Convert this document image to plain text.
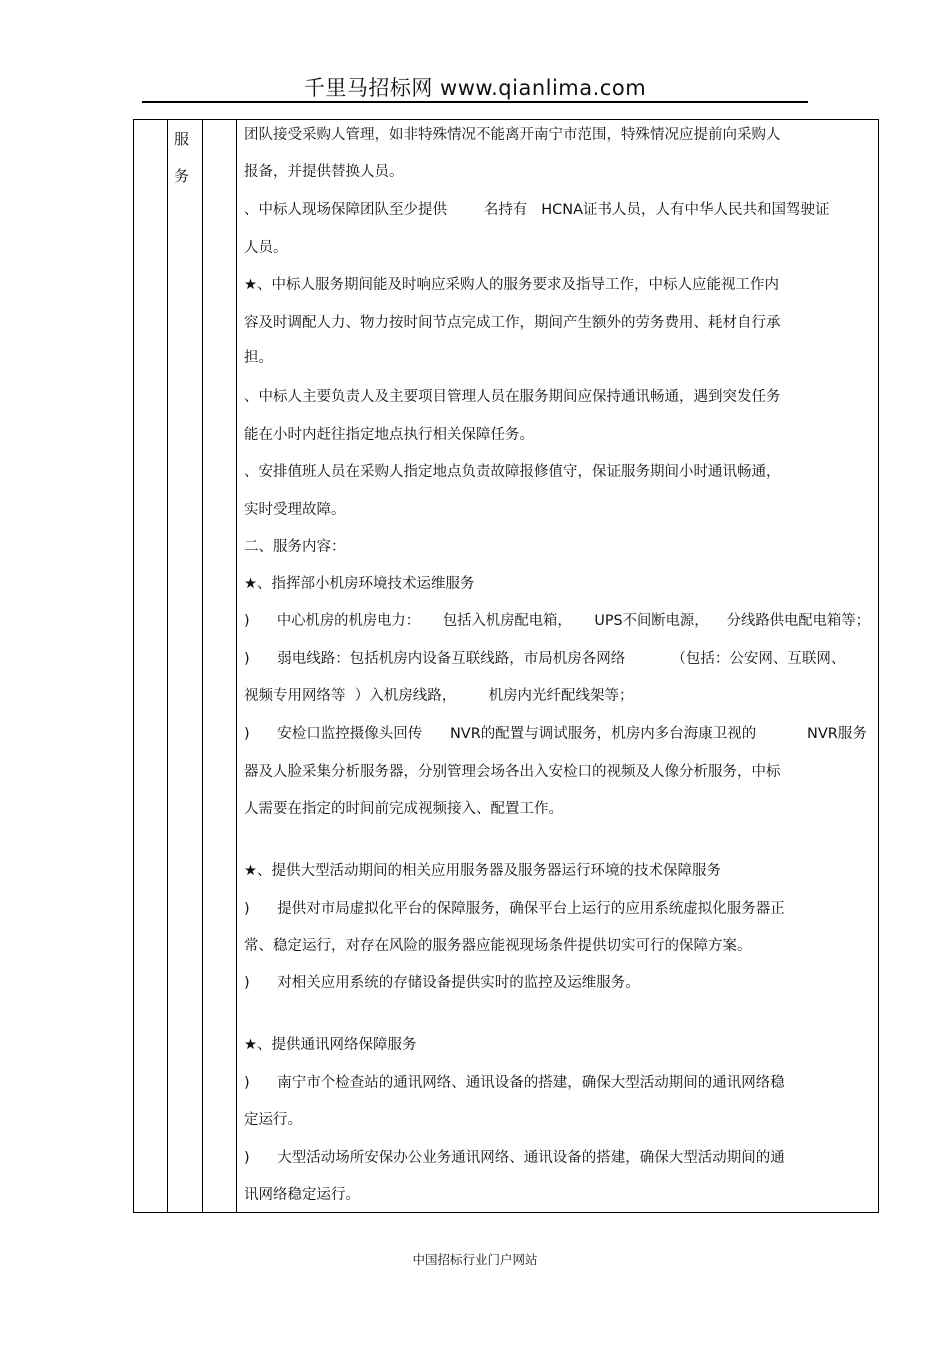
千里马招标网 www.qianlima.com
服
务
团队接受采购人管理，如非特殊情况不能离开南宁市范围，特殊情况应提前向采购人
报备，并提供替换人员。
、中标人现场保障团队至少提供        名持有   HCNA证书人员，人有中华人民共和国驾驶证
人员。
★、中标人服务期间能及时响应采购人的服务要求及指导工作，中标人应能视工作内
容及时调配人力、物力按时间节点完成工作，期间产生额外的劳务费用、耗材自行承
担。
、中标人主要负责人及主要项目管理人员在服务期间应保持通讯畅通，遇到突发任务
能在小时内赶往指定地点执行相关保障任务。
、安排值班人员在采购人指定地点负责故障报修值守，保证服务期间小时通讯畅通，
实时受理故障。
二、服务内容：
★、指挥部小机房环境技术运维服务
)      中心机房的机房电力：     包括入机房配电箱，     UPS不间断电源，    分线路供电配电箱等；
)      弱电线路：包括机房内设备互联线路，市局机房各网络          （包括：公安网、互联网、
视频专用网络等  ）入机房线路，       机房内光纤配线架等；
)      安检口监控摄像头回传      NVR的配置与调试服务，机房内多台海康卫视的           NVR服务
器及人脸采集分析服务器，分别管理会场各出入安检口的视频及人像分析服务，中标
人需要在指定的时间前完成视频接入、配置工作。
★、提供大型活动期间的相关应用服务器及服务器运行环境的技术保障服务
)      提供对市局虚拟化平台的保障服务，确保平台上运行的应用系统虚拟化服务器正
常、稳定运行，对存在风险的服务器应能视现场条件提供切实可行的保障方案。
)      对相关应用系统的存储设备提供实时的监控及运维服务。
★、提供通讯网络保障服务
)      南宁市个检查站的通讯网络、通讯设备的搭建，确保大型活动期间的通讯网络稳
定运行。
)      大型活动场所安保办公业务通讯网络、通讯设备的搭建，确保大型活动期间的通
讯网络稳定运行。
中国招标行业门户网站
